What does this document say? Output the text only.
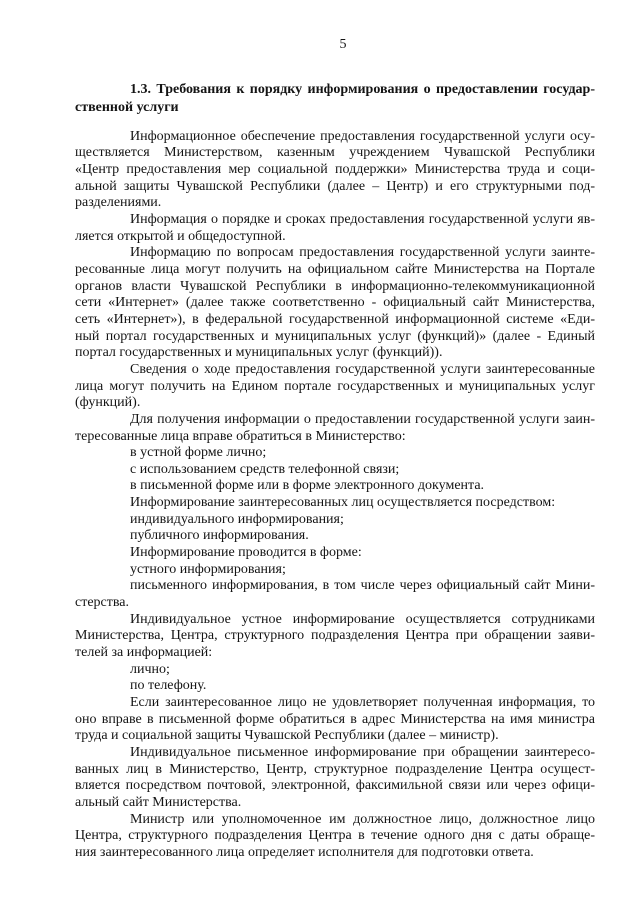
5
1.3. Требования к порядку информирования о предоставлении государ-
ственной услуги
Информационное обеспечение предоставления государственной услуги осу-
ществляется Министерством, казенным учреждением Чувашской Республики
«Центр предоставления мер социальной поддержки» Министерства труда и соци-
альной защиты Чувашской Республики (далее – Центр) и его структурными под-
разделениями.
Информация о порядке и сроках предоставления государственной услуги яв-
ляется открытой и общедоступной.
Информацию по вопросам предоставления государственной услуги заинте-
ресованные лица могут получить на официальном сайте Министерства на Портале
органов власти Чувашской Республики в информационно-телекоммуникационной
сети «Интернет» (далее также соответственно - официальный сайт Министерства,
сеть «Интернет»), в федеральной государственной информационной системе «Еди-
ный портал государственных и муниципальных услуг (функций)» (далее - Единый
портал государственных и муниципальных услуг (функций)).
Сведения о ходе предоставления государственной услуги заинтересованные
лица могут получить на Едином портале государственных и муниципальных услуг
(функций).
Для получения информации о предоставлении государственной услуги заин-
тересованные лица вправе обратиться в Министерство:
в устной форме лично;
с использованием средств телефонной связи;
в письменной форме или в форме электронного документа.
Информирование заинтересованных лиц осуществляется посредством:
индивидуального информирования;
публичного информирования.
Информирование проводится в форме:
устного информирования;
письменного информирования, в том числе через официальный сайт Мини-
стерства.
Индивидуальное устное информирование осуществляется сотрудниками
Министерства, Центра, структурного подразделения Центра при обращении заяви-
телей за информацией:
лично;
по телефону.
Если заинтересованное лицо не удовлетворяет полученная информация, то
оно вправе в письменной форме обратиться в адрес Министерства на имя министра
труда и социальной защиты Чувашской Республики (далее – министр).
Индивидуальное письменное информирование при обращении заинтересо-
ванных лиц в Министерство, Центр, структурное подразделение Центра осущест-
вляется посредством почтовой, электронной, факсимильной связи или через офици-
альный сайт Министерства.
Министр или уполномоченное им должностное лицо, должностное лицо
Центра, структурного подразделения Центра в течение одного дня с даты обраще-
ния заинтересованного лица определяет исполнителя для подготовки ответа.
